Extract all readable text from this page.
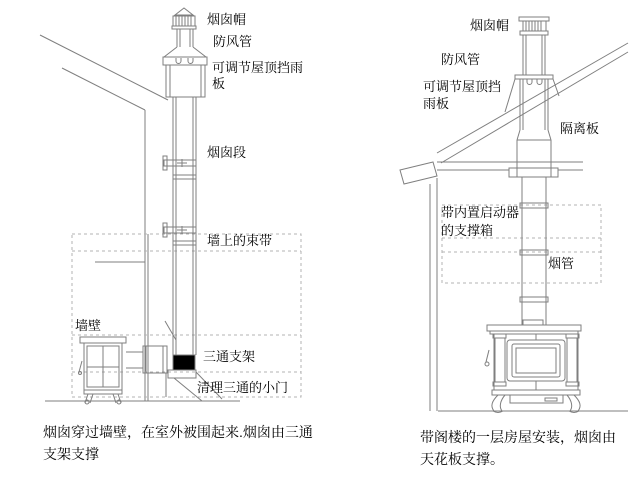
烟囱帽
防风管
可调节屋顶挡雨
板
烟囱段
墙上的束带
墙壁
三通支架
清理三通的小门
烟囱穿过墙壁，在室外被围起来.烟囱由三通
支架支撑
烟囱帽
防风管
可调节屋顶挡
雨板
隔离板
带内置启动器
的支撑箱
烟管
带阁楼的一层房屋安装，烟囱由
天花板支撑。
